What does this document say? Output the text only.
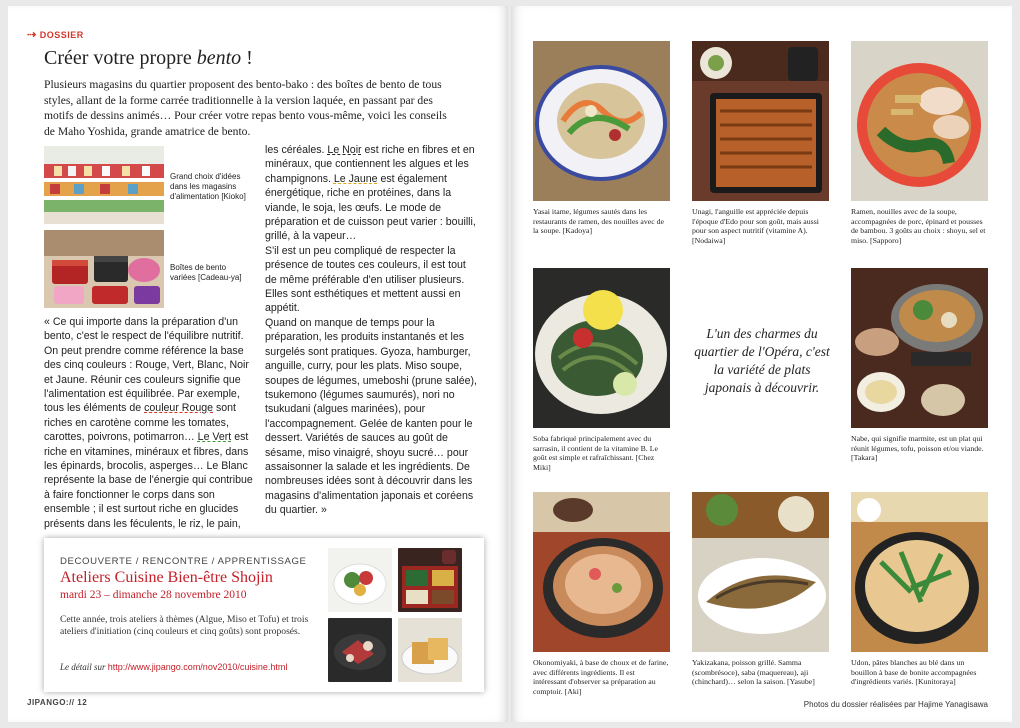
⇢ DOSSIER
Créer votre propre bento !

Plusieurs magasins du quartier proposent des bento-bako : des boîtes de bento de tous styles, allant de la forme carrée traditionnelle à la version laquée, en passant par des motifs de dessins animés… Pour créer votre repas bento vous-même, voici les conseils de Maho Yoshida, grande amatrice de bento.

Grand choix d'idées dans les magasins d'alimentation [Kioko]

Boîtes de bento variées [Cadeau-ya]

« Ce qui importe dans la préparation d'un bento, c'est le respect de l'équilibre nutritif. On peut prendre comme référence la base des cinq couleurs : Rouge, Vert, Blanc, Noir et Jaune. Réunir ces couleurs signifie que l'alimentation est équilibrée. Par exemple, tous les éléments de couleur Rouge sont riches en carotène comme les tomates, carottes, poivrons, potimarron… Le Vert est riche en vitamines, minéraux et fibres, dans les épinards, brocolis, asperges… Le Blanc représente la base de l'énergie qui contribue à faire fonctionner le corps dans son ensemble ; il est surtout riche en glucides présents dans les féculents, le riz, le pain,

les céréales. Le Noir est riche en fibres et en minéraux, que contiennent les algues et les champignons. Le Jaune est également énergétique, riche en protéines, dans la viande, le soja, les œufs. Le mode de préparation et de cuisson peut varier : bouilli, grillé, à la vapeur…

S'il est un peu compliqué de respecter la présence de toutes ces couleurs, il est tout de même préférable d'en utiliser plusieurs. Elles sont esthétiques et mettent aussi en appétit.

Quand on manque de temps pour la préparation, les produits instantanés et les surgelés sont pratiques. Gyoza, hamburger, anguille, curry, pour les plats. Miso soupe, soupes de légumes, umeboshi (prune salée), tsukemono (légumes saumurés), nori no tsukudani (algues marinées), pour l'accompagnement. Gelée de kanten pour le dessert. Variétés de sauces au goût de sésame, miso vinaigré, shoyu sucré… pour assaisonner la salade et les ingrédients. De nombreuses idées sont à découvrir dans les magasins d'alimentation japonais et coréens du quartier. »

DECOUVERTE / RENCONTRE / APPRENTISSAGE
Ateliers Cuisine Bien-être Shojin
mardi 23 – dimanche 28 novembre 2010

Cette année, trois ateliers à thèmes (Algue, Miso et Tofu) et trois ateliers d'initiation (cinq couleurs et cinq goûts) sont proposés.

Le détail sur http://www.jipango.com/nov2010/cuisine.html

JIPANGO:// 12

Yasai itame, légumes sautés dans les restaurants de ramen, des nouilles avec de la soupe. [Kadoya]

Unagi, l'anguille est appréciée depuis l'époque d'Edo pour son goût, mais aussi pour son aspect nutritif (vitamine A). [Nodaiwa]

Ramen, nouilles avec de la soupe, accompagnées de porc, épinard et pousses de bambou. 3 goûts au choix : shoyu, sel et miso. [Sapporo]

Soba fabriqué principalement avec du sarrasin, il contient de la vitamine B. Le goût est simple et rafraîchissant. [Chez Miki]

L'un des charmes du quartier de l'Opéra, c'est la variété de plats japonais à découvrir.

Nabe, qui signifie marmite, est un plat qui réunit légumes, tofu, poisson et/ou viande. [Takara]

Okonomiyaki, à base de choux et de farine, avec différents ingrédients. Il est intéressant d'observer sa préparation au comptoir. [Aki]

Yakizakana, poisson grillé. Samma (scombrésoce), saba (maquereau), aji (chinchard)… selon la saison. [Yasube]

Udon, pâtes blanches au blé dans un bouillon à base de bonite accompagnées d'ingrédients variés. [Kunitoraya]

Photos du dossier réalisées par Hajime Yanagisawa
